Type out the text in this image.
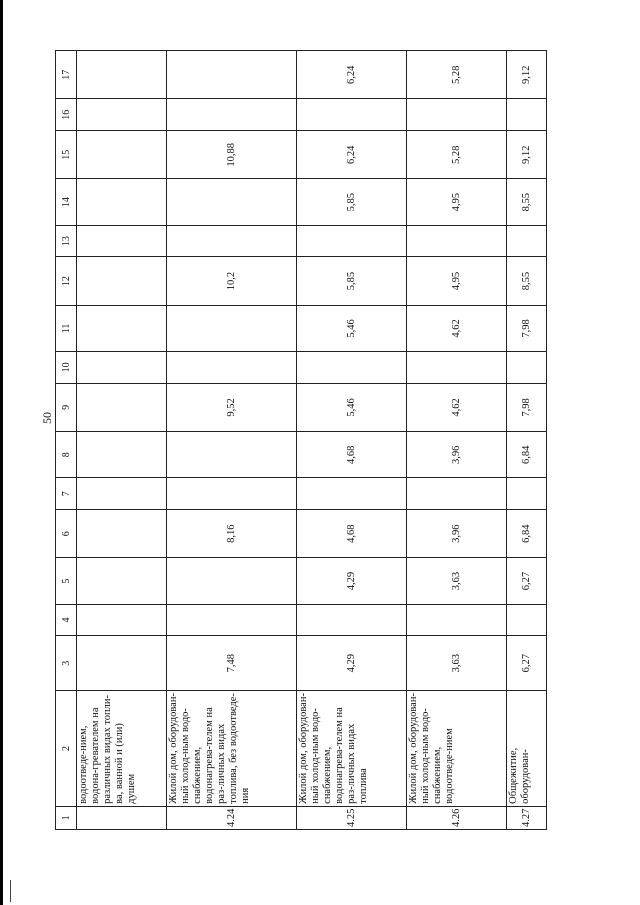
50
1	2	3	4	5	6	7	8	9	10	11	12	13	14	15	16	17
	водоотведе-нием, водона-гревателем на различных видах топли-ва, ванной и (или) душем															
4.24	Жилой дом, оборудован-ный холод-ным водо-снабжением, водонагрева-телем на раз-личных видах топлива, без водоотведе-ния	7,48			8,16			9,52			10,2			10,88		
4.25	Жилой дом, оборудован-ный холод-ным водо-снабжением, водонагрева-телем на раз-личных видах топлива	4,29		4,29	4,68		4,68	5,46		5,46	5,85		5,85	6,24		6,24
4.26	Жилой дом, оборудован-ный холод-ным водо-снабжением, водоотведе-нием	3,63		3,63	3,96		3,96	4,62		4,62	4,95		4,95	5,28		5,28
4.27	Общежитие, оборудован-	6,27		6,27	6,84		6,84	7,98		7,98	8,55		8,55	9,12		9,12
